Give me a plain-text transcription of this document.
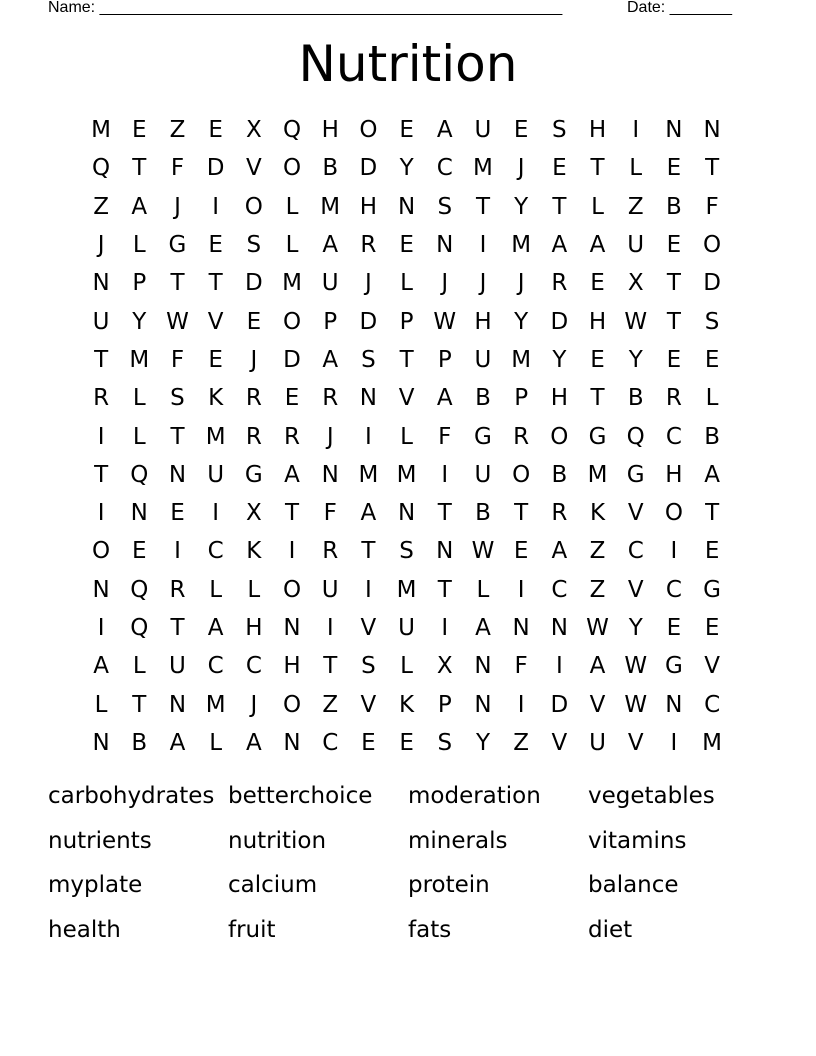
Name: ____________________________________________________	Date: _______
Nutrition
M E	Z	E	X Q H O E	A U E	S H	I	N N
Q T	F D V O B D Y	C M	J	E	T	L	E	T
Z A	J	I	O L M H N S	T	Y	T	L	Z B	F
J	L G E	S	L	A R E N	I	M A A U E O
N P	T	T D M U	J	L	J	J	J	R E	X	T D
U Y W V	E O P D P W H Y D H W T	S
T M F	E	J	D A	S	T	P U M Y	E	Y	E	E
R	L	S	K R E R N V A B	P H T	B R	L
I	L	T M R R	J	I	L	F G R O G Q C B
T Q N U G A N M M	I	U O B M G H A
I	N E	I	X	T	F	A N T	B	T	R K V O T
O E	I	C K	I	R	T	S N W E	A Z C	I	E
N Q R	L	L O U	I	M T	L	I	C Z V C G
I	Q T	A H N	I	V U	I	A N N W Y	E	E
A	L	U C C H T	S	L	X N F	I	A W G V
L	T N M	J	O Z V K	P N	I	D V W N C
N B A	L	A N C E	E	S	Y	Z V U V	I	M
carbohydrates betterchoice	moderation	vegetables
nutrients	nutrition	minerals	vitamins
myplate	calcium	protein	balance
health	fruit	fats	diet
